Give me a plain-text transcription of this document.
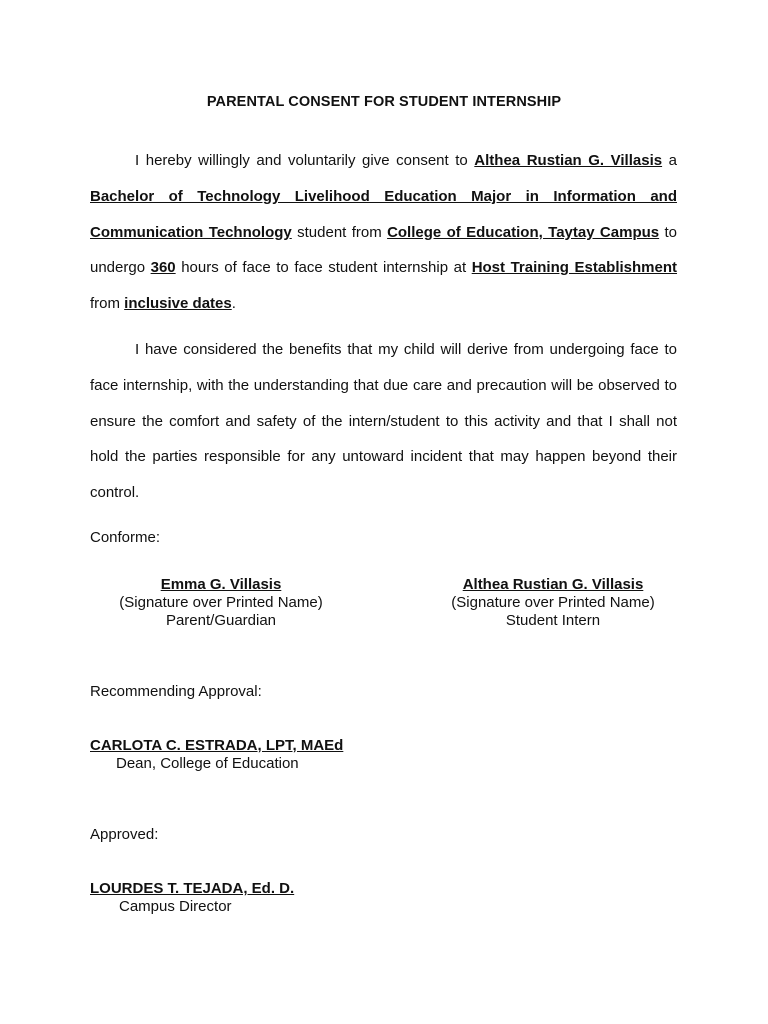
PARENTAL CONSENT FOR STUDENT INTERNSHIP

I hereby willingly and voluntarily give consent to Althea Rustian G. Villasis a Bachelor of Technology Livelihood Education Major in Information and Communication Technology student from College of Education, Taytay Campus to undergo 360 hours of face to face student internship at Host Training Establishment from inclusive dates.

I have considered the benefits that my child will derive from undergoing face to face internship, with the understanding that due care and precaution will be observed to ensure the comfort and safety of the intern/student to this activity and that I shall not hold the parties responsible for any untoward incident that may happen beyond their control.

Conforme:

Emma G. Villasis
(Signature over Printed Name)
Parent/Guardian
Althea Rustian G. Villasis
(Signature over Printed Name)
Student Intern

Recommending Approval:

CARLOTA C. ESTRADA, LPT, MAEd
Dean, College of Education

Approved:

LOURDES T. TEJADA, Ed. D.
Campus Director
